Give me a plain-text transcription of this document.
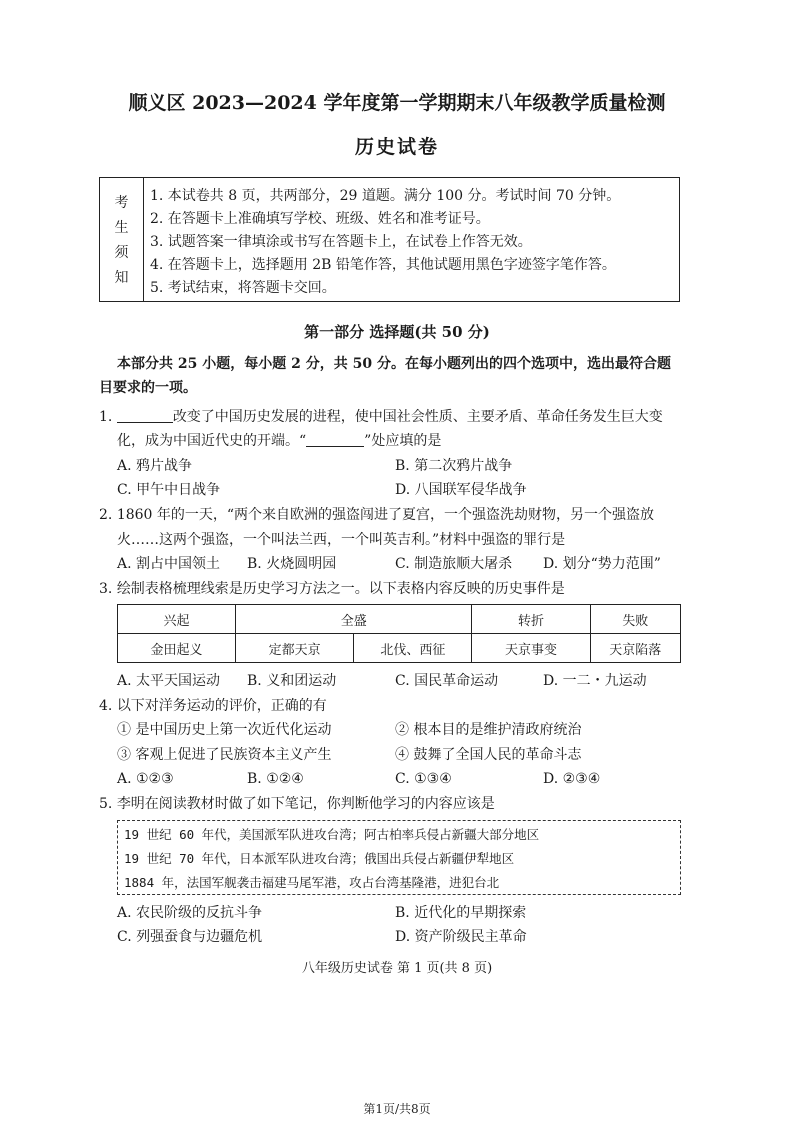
顺义区 2023—2024 学年度第一学期期末八年级教学质量检测
历史试卷
考
生
须
知
1. 本试卷共 8 页，共两部分，29 道题。满分 100 分。考试时间 70 分钟。
2. 在答题卡上准确填写学校、班级、姓名和准考证号。
3. 试题答案一律填涂或书写在答题卡上，在试卷上作答无效。
4. 在答题卡上，选择题用 2B 铅笔作答，其他试题用黑色字迹签字笔作答。
5. 考试结束，将答题卡交回。
第一部分 选择题(共 50 分)
本部分共 25 小题，每小题 2 分，共 50 分。在每小题列出的四个选项中，选出最符合题
目要求的一项。
1.	改变了中国历史发展的进程，使中国社会性质、主要矛盾、革命任务发生巨大变
化，成为中国近代史的开端。“	”处应填的是
A. 鸦片战争	B. 第二次鸦片战争
C. 甲午中日战争	D. 八国联军侵华战争
2. 1860 年的一天，“两个来自欧洲的强盗闯进了夏宫，一个强盗洗劫财物，另一个强盗放
火……这两个强盗，一个叫法兰西，一个叫英吉利。”材料中强盗的罪行是
A. 割占中国领土 B. 火烧圆明园	C. 制造旅顺大屠杀 D. 划分“势力范围”
3. 绘制表格梳理线索是历史学习方法之一。以下表格内容反映的历史事件是
兴起	全盛		转折	失败
金田起义	定都天京	北伐、西征	天京事变	天京陷落
A. 太平天国运动 B. 义和团运动	C. 国民革命运动	D. 一二・九运动
4. 以下对洋务运动的评价，正确的有
① 是中国历史上第一次近代化运动	② 根本目的是维护清政府统治
③ 客观上促进了民族资本主义产生	④ 鼓舞了全国人民的革命斗志
A. ①②③	B. ①②④	C. ①③④	D. ②③④
5. 李明在阅读教材时做了如下笔记，你判断他学习的内容应该是
19 世纪 60 年代，美国派军队进攻台湾；阿古柏率兵侵占新疆大部分地区
19 世纪 70 年代，日本派军队进攻台湾；俄国出兵侵占新疆伊犁地区
1884 年，法国军舰袭击福建马尾军港，攻占台湾基隆港，进犯台北
A. 农民阶级的反抗斗争	B. 近代化的早期探索
C. 列强蚕食与边疆危机	D. 资产阶级民主革命
八年级历史试卷 第 1 页(共 8 页)
第1页/共8页
